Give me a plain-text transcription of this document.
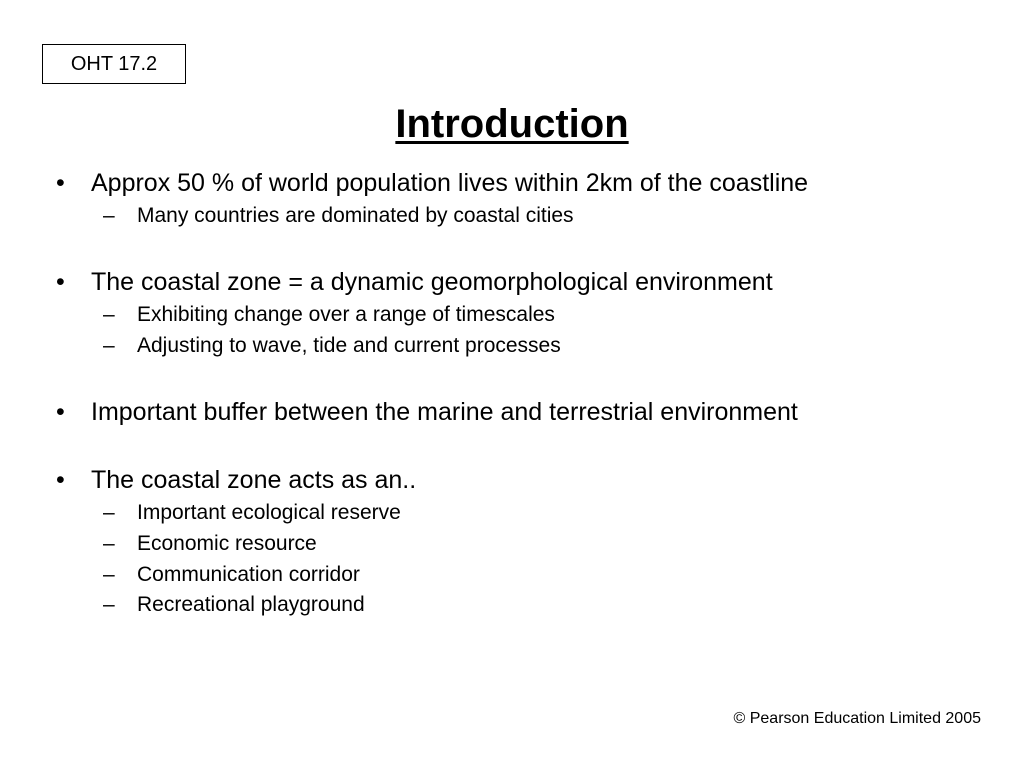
OHT 17.2
Introduction
• Approx 50 % of world population lives within 2km of the coastline
– Many countries are dominated by coastal cities
• The coastal zone = a dynamic geomorphological environment
– Exhibiting change over a range of timescales
– Adjusting to wave, tide and current processes
• Important buffer between the marine and terrestrial environment
• The coastal zone acts as an..
– Important ecological reserve
– Economic resource
– Communication corridor
– Recreational playground
© Pearson Education Limited 2005
